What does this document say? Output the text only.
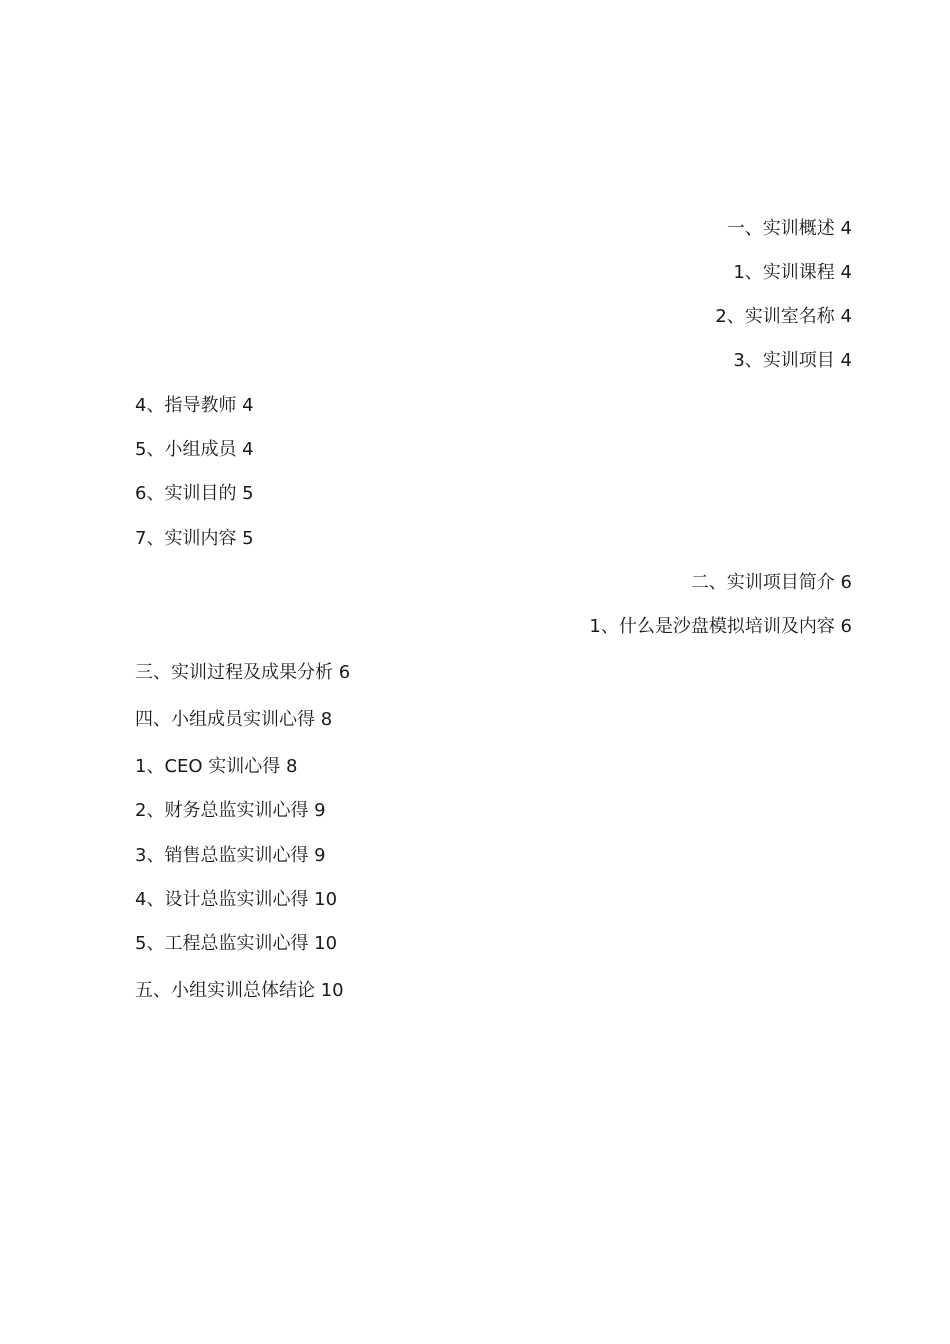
一、实训概述 4
1、实训课程 4
2、实训室名称 4
3、实训项目 4
4、指导教师 4
5、小组成员 4
6、实训目的 5
7、实训内容 5
二、实训项目简介 6
1、什么是沙盘模拟培训及内容 6
三、实训过程及成果分析 6
四、小组成员实训心得 8
1、CEO 实训心得 8
2、财务总监实训心得 9
3、销售总监实训心得 9
4、设计总监实训心得 10
5、工程总监实训心得 10
五、小组实训总体结论 10
